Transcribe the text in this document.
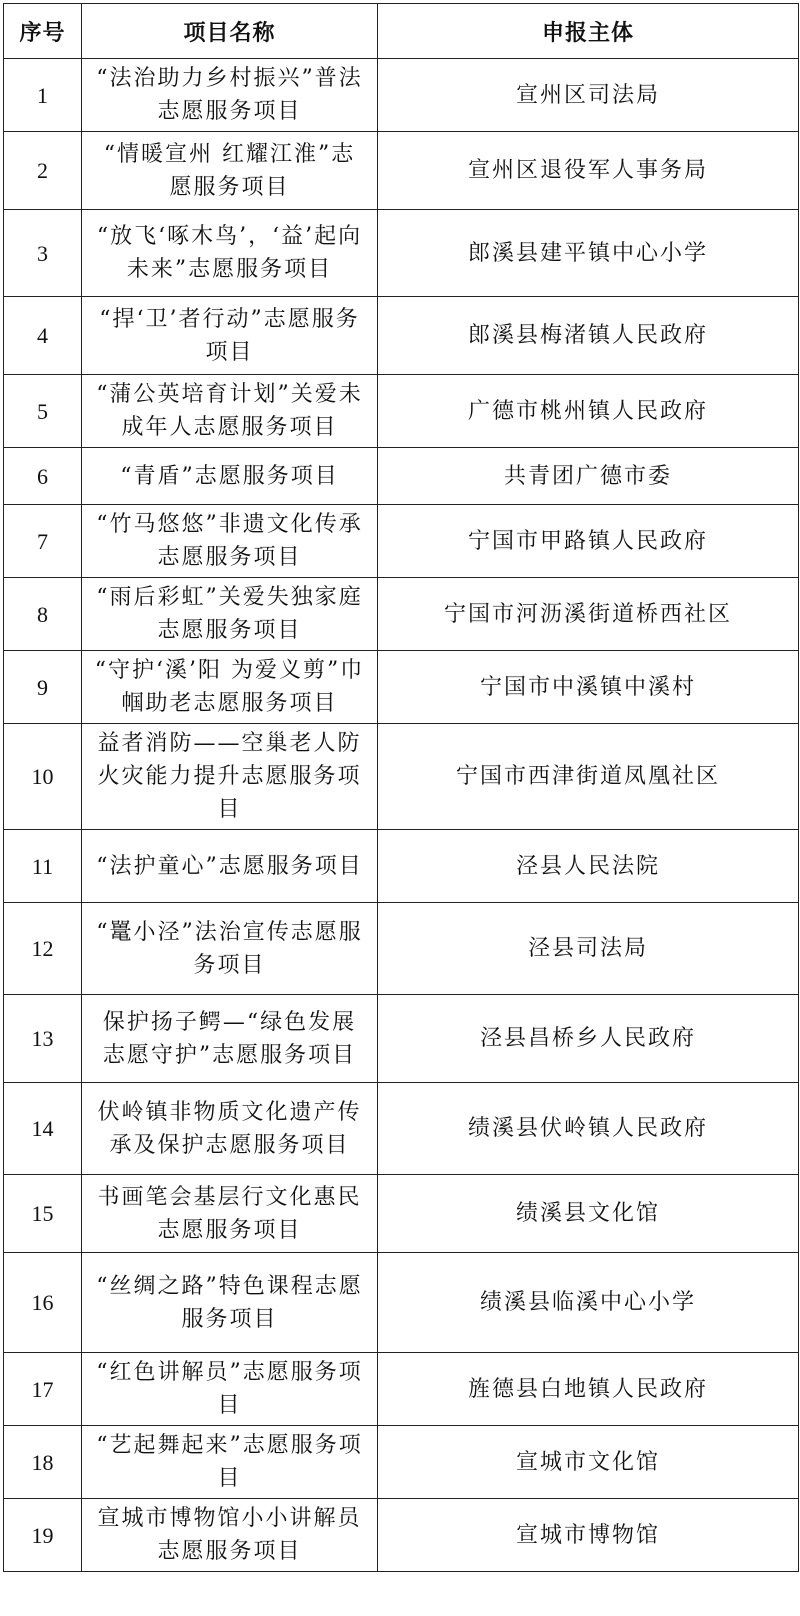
序号	项目名称	申报主体
1	“法治助力乡村振兴”普法志愿服务项目	宣州区司法局
2	“情暖宣州 红耀江淮”志愿服务项目	宣州区退役军人事务局
3	“放飞‘啄木鸟’，‘益’起向未来”志愿服务项目	郎溪县建平镇中心小学
4	“捍‘卫’者行动”志愿服务项目	郎溪县梅渚镇人民政府
5	“蒲公英培育计划”关爱未成年人志愿服务项目	广德市桃州镇人民政府
6	“青盾”志愿服务项目	共青团广德市委
7	“竹马悠悠”非遗文化传承志愿服务项目	宁国市甲路镇人民政府
8	“雨后彩虹”关爱失独家庭志愿服务项目	宁国市河沥溪街道桥西社区
9	“守护‘溪’阳 为爱义剪”巾帼助老志愿服务项目	宁国市中溪镇中溪村
10	益者消防——空巢老人防火灾能力提升志愿服务项目	宁国市西津街道凤凰社区
11	“法护童心”志愿服务项目	泾县人民法院
12	“鼍小泾”法治宣传志愿服务项目	泾县司法局
13	保护扬子鳄—“绿色发展志愿守护”志愿服务项目	泾县昌桥乡人民政府
14	伏岭镇非物质文化遗产传承及保护志愿服务项目	绩溪县伏岭镇人民政府
15	书画笔会基层行文化惠民志愿服务项目	绩溪县文化馆
16	“丝绸之路”特色课程志愿服务项目	绩溪县临溪中心小学
17	“红色讲解员”志愿服务项目	旌德县白地镇人民政府
18	“艺起舞起来”志愿服务项目	宣城市文化馆
19	宣城市博物馆小小讲解员志愿服务项目	宣城市博物馆
